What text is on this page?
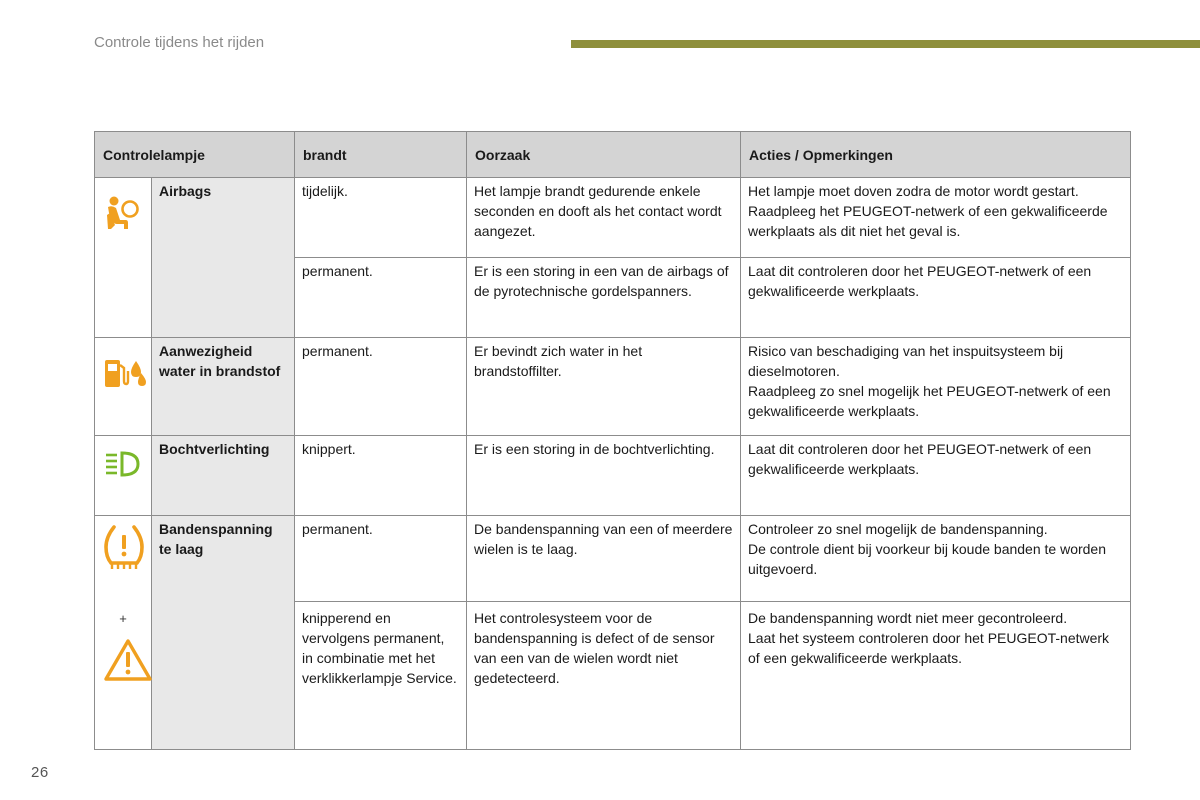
Controle tijdens het rijden
Controlelampje		brandt	Oorzaak	Acties / Opmerkingen

	Airbags	tijdelijk.	Het lampje brandt gedurende enkele seconden en dooft als het contact wordt aangezet.	Het lampje moet doven zodra de motor wordt gestart. Raadpleeg het PEUGEOT-netwerk of een gekwalificeerde werkplaats als dit niet het geval is.
		permanent.	Er is een storing in een van de airbags of de pyrotechnische gordelspanners.	Laat dit controleren door het PEUGEOT-netwerk of een gekwalificeerde werkplaats.

	Aanwezigheid water in brandstof	permanent.	Er bevindt zich water in het brandstoffilter.	Risico van beschadiging van het inspuitsysteem bij dieselmotoren.
Raadpleeg zo snel mogelijk het PEUGEOT-netwerk of een gekwalificeerde werkplaats.

	Bochtverlichting	knippert.	Er is een storing in de bochtverlichting.	Laat dit controleren door het PEUGEOT-netwerk of een gekwalificeerde werkplaats.

+	Bandenspanning te laag	permanent.	De bandenspanning van een of meerdere wielen is te laag.	Controleer zo snel mogelijk de bandenspanning.
De controle dient bij voorkeur bij koude banden te worden uitgevoerd.

		knipperend en vervolgens permanent, in combinatie met het verklikkerlampje Service.	Het controlesysteem voor de bandenspanning is defect of de sensor van een van de wielen wordt niet gedetecteerd.	De bandenspanning wordt niet meer gecontroleerd.
Laat het systeem controleren door het PEUGEOT-netwerk of een gekwalificeerde werkplaats.
26
